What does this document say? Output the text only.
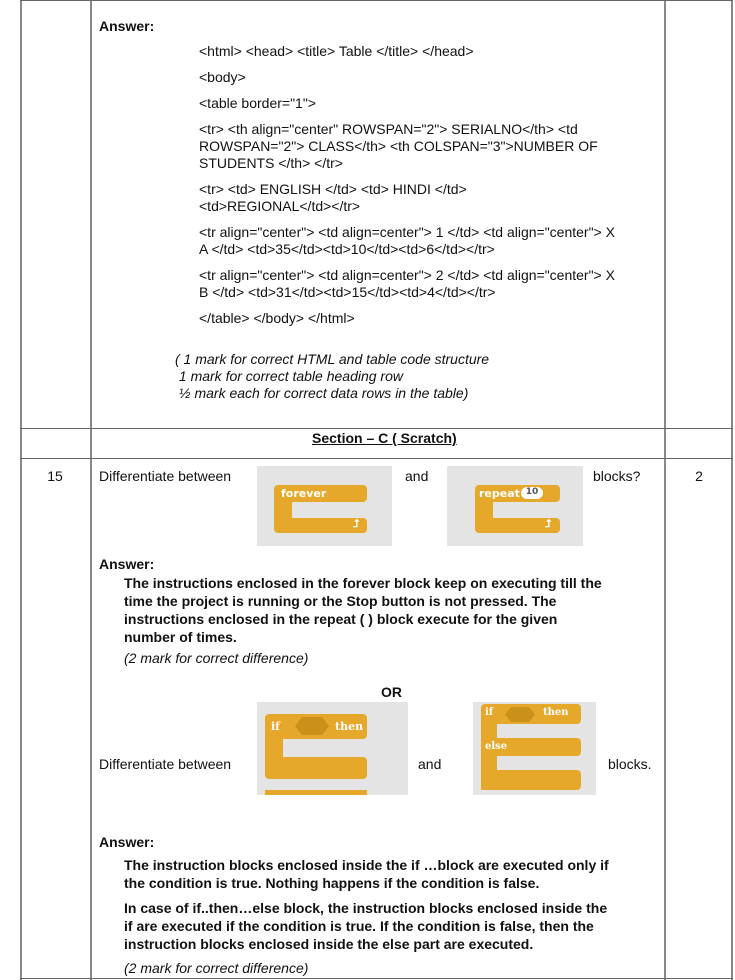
Answer:
<html> <head> <title> Table </title> </head>
<body>
<table border="1">
<tr> <th align="center" ROWSPAN="2"> SERIALNO</th> <td
ROWSPAN="2"> CLASS</th> <th COLSPAN="3">NUMBER OF
STUDENTS </th> </tr>
<tr> <td> ENGLISH </td> <td> HINDI </td>
<td>REGIONAL</td></tr>
<tr align="center"> <td align=center"> 1 </td> <td align="center"> X
A </td> <td>35</td><td>10</td><td>6</td></tr>
<tr align="center"> <td align=center"> 2 </td> <td align="center"> X
B </td> <td>31</td><td>15</td><td>4</td></tr>
</table> </body> </html>
( 1 mark for correct HTML and table code structure
1 mark for correct table heading row
½ mark each for correct data rows in the table)
Section – C ( Scratch)
15	2
Differentiate between	and	blocks?
forever
⮥
repeat 10
⮥
Answer:
The instructions enclosed in the forever block keep on executing till the
time the project is running or the Stop button is not pressed. The
instructions enclosed in the repeat ( ) block execute for the given
number of times.
(2 mark for correct difference)
OR
Differentiate between	and	blocks.
if	then
if	then
else
Answer:
The instruction blocks enclosed inside the if …block are executed only if
the condition is true. Nothing happens if the condition is false.
In case of if..then…else block, the instruction blocks enclosed inside the
if are executed if the condition is true. If the condition is false, then the
instruction blocks enclosed inside the else part are executed.
(2 mark for correct difference)
